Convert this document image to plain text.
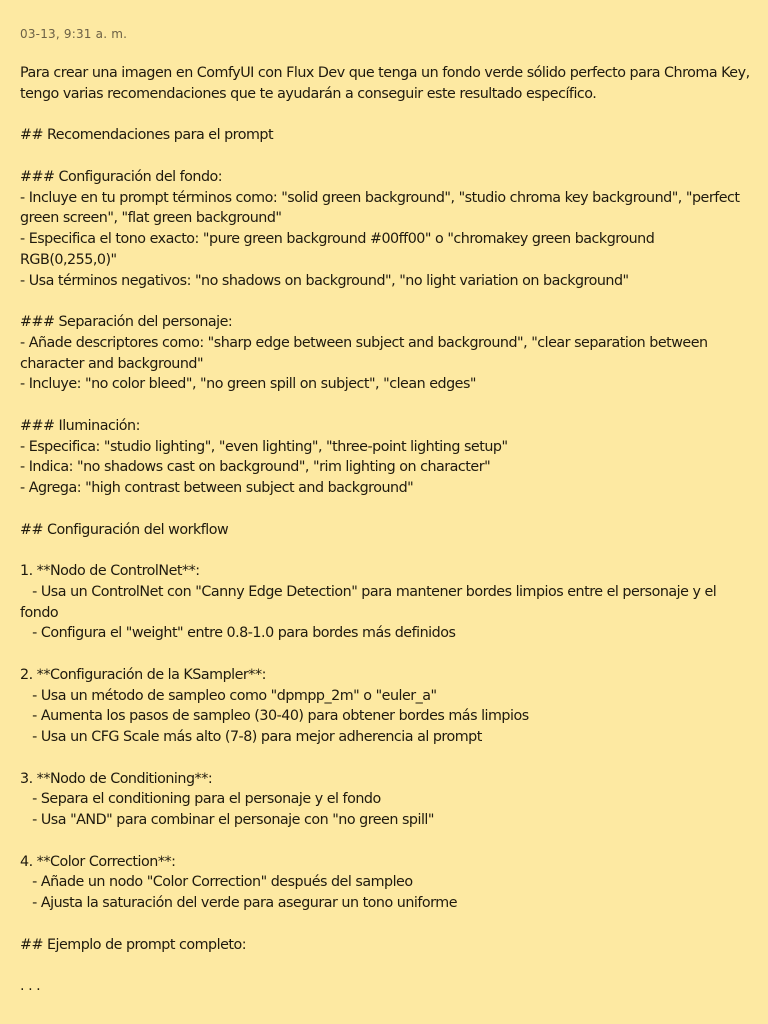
03-13, 9:31 a. m.
Para crear una imagen en ComfyUI con Flux Dev que tenga un fondo verde sólido perfecto para Chroma Key, tengo varias recomendaciones que te ayudarán a conseguir este resultado específico.

## Recomendaciones para el prompt

### Configuración del fondo:
- Incluye en tu prompt términos como: "solid green background", "studio chroma key background", "perfect green screen", "flat green background"
- Especifica el tono exacto: "pure green background #00ff00" o "chromakey green background RGB(0,255,0)"
- Usa términos negativos: "no shadows on background", "no light variation on background"

### Separación del personaje:
- Añade descriptores como: "sharp edge between subject and background", "clear separation between character and background"
- Incluye: "no color bleed", "no green spill on subject", "clean edges"

### Iluminación:
- Especifica: "studio lighting", "even lighting", "three-point lighting setup"
- Indica: "no shadows cast on background", "rim lighting on character"
- Agrega: "high contrast between subject and background"

## Configuración del workflow

1. **Nodo de ControlNet**:
- Usa un ControlNet con "Canny Edge Detection" para mantener bordes limpios entre el personaje y el fondo
- Configura el "weight" entre 0.8-1.0 para bordes más definidos

2. **Configuración de la KSampler**:
- Usa un método de sampleo como "dpmpp_2m" o "euler_a"
- Aumenta los pasos de sampleo (30-40) para obtener bordes más limpios
- Usa un CFG Scale más alto (7-8) para mejor adherencia al prompt

3. **Nodo de Conditioning**:
- Separa el conditioning para el personaje y el fondo
- Usa "AND" para combinar el personaje con "no green spill"

4. **Color Correction**:
- Añade un nodo "Color Correction" después del sampleo
- Ajusta la saturación del verde para asegurar un tono uniforme

## Ejemplo de prompt completo:

. . .
